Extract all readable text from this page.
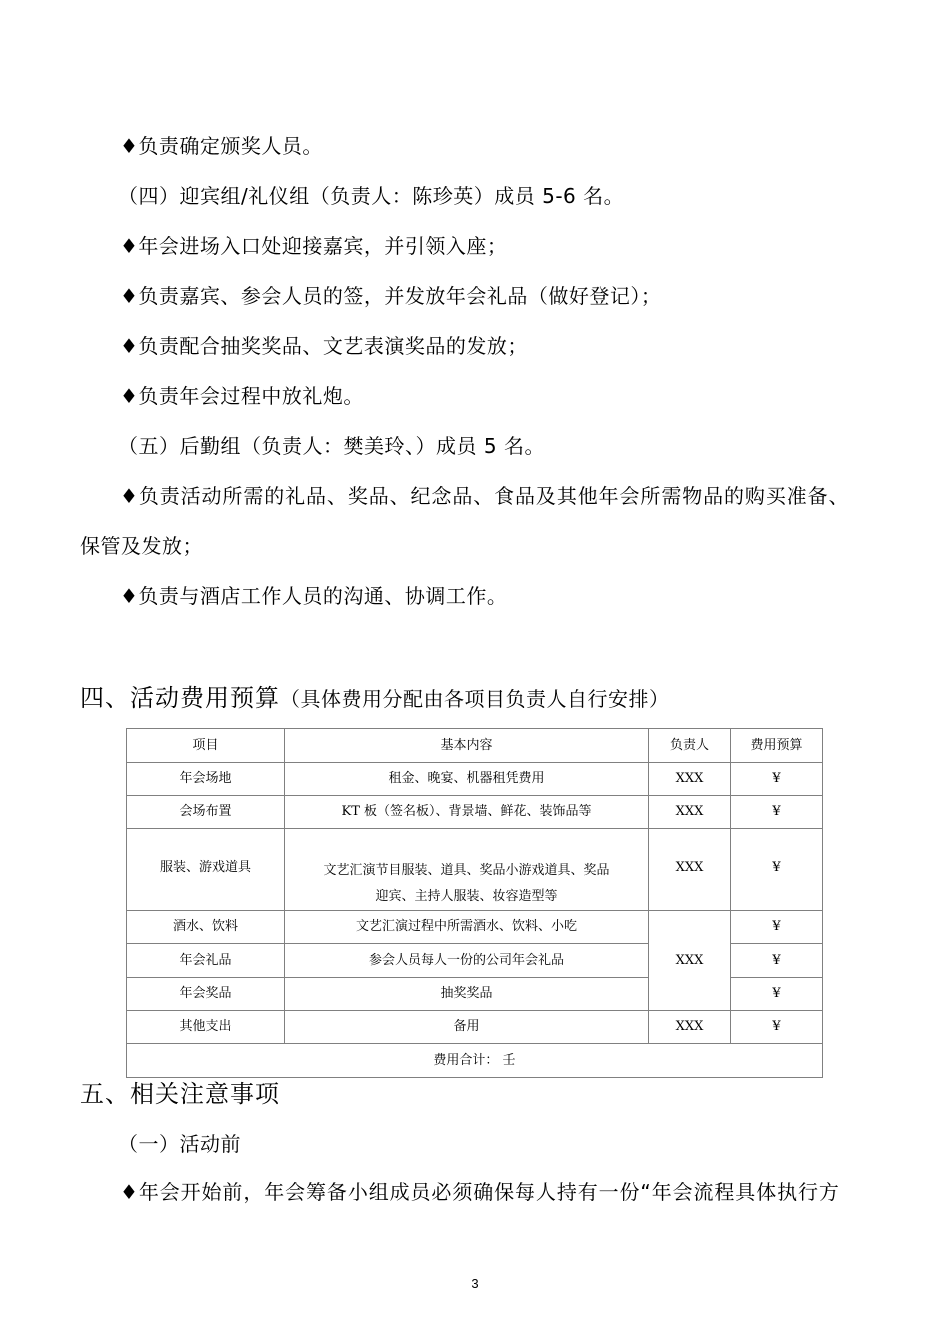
♦负责确定颁奖人员。
（四）迎宾组/礼仪组（负责人：陈珍英）成员 5-6 名。
♦年会进场入口处迎接嘉宾，并引领入座；
♦负责嘉宾、参会人员的签，并发放年会礼品（做好登记）；
♦负责配合抽奖奖品、文艺表演奖品的发放；
♦负责年会过程中放礼炮。
（五）后勤组（负责人：樊美玲、）成员 5 名。
♦负责活动所需的礼品、奖品、纪念品、食品及其他年会所需物品的购买准备、
保管及发放；
♦负责与酒店工作人员的沟通、协调工作。
四、活动费用预算（具体费用分配由各项目负责人自行安排）
项目	基本内容	负责人	费用预算
年会场地	租金、晚宴、机器租凭费用	XXX	¥
会场布置	KT 板（签名板）、背景墙、鲜花、装饰品等	XXX	¥
服装、游戏道具	文艺汇演节目服装、道具、奖品小游戏道具、奖品
迎宾、主持人服装、妆容造型等	XXX	¥
酒水、饮料	文艺汇演过程中所需酒水、饮料、小吃	XXX	¥
年会礼品	参会人员每人一份的公司年会礼品		¥
年会奖品	抽奖奖品		¥
其他支出	备用	XXX	¥
费用合计： 壬			
五、相关注意事项
（一）活动前
♦年会开始前，年会筹备小组成员必须确保每人持有一份“年会流程具体执行方
3
